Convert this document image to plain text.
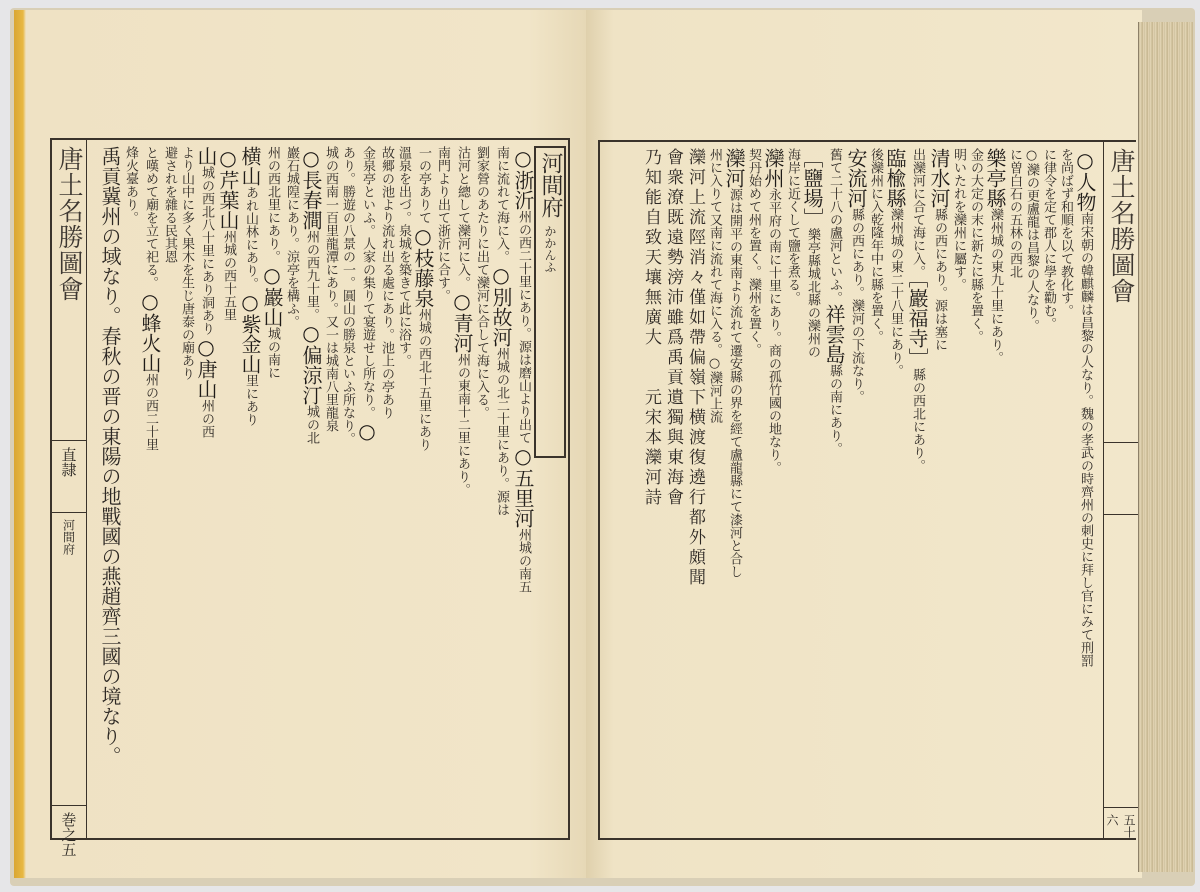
唐土名勝圖會
直隷
河間府
巻之五
河間府 かかんふ
○浙沂州の西二十里にあり。源は磨山より出て○五里河州城の南五
南に流れて海に入。○別故河州城の北二十里にあり。源は
劉家營のあたりに出て灤河に合して海に入る。
沽河と總して灤河に入。○青河州の東南十二里にあり。
南門より出て浙沂に合す。
一の亭ありて○枝藤泉州城の西北十五里にあり
溫泉を出づ。泉城を築きて此に浴す。
故郷の池より流れ出る處にあり。池上の亭あり
金泉亭といふ。人家の集りて宴遊せし所なり。○
あり。勝遊の八景の一。圓山の勝泉といふ所なり。
城の西南一百里龍潭にあり。又一は城南八里龍泉
○長春澗州の西九十里。○偏涼汀城の北
巖石城隍にあり。涼亭を構ふ。
州の西北里にあり。○巖山城の南に
横山あれ山林にあり。○紫金山里にあり
○芹葉山州城の西十五里
山城の西北八十里にあり洞あり○唐山州の西
より山中に多く果木を生じ唐泰の廟あり
避されを雜る民其恩
と嘆めて廟を立て祀る。○蜂火山州の西二十里
烽火臺あり。
禹貢冀州の域なり。春秋の晋の東陽の地戰國の燕趙齊三國の境なり。	唐土名勝圖會
五十六
○人物南宋朝の韓麒麟は昌黎の人なり。魏の孝武の時齊州の刺史に拜し官にみて刑罰
を尚ばず和順を以て教化す。
に律令を定て郡人に學を勸む。
○灤の更盧龍は昌黎の人なり。
に曽白石の五林の西北
樂亭縣灤州城の東九十里にあり。
金の大定の末に新たに縣を置く。
明いたれを灤州に屬す。
清水河縣の西にあり。源は塞に
出灤河に合て海に入。［巖福寺］縣の西北にあり。
臨楡縣灤州城の東二十八里にあり。
後灤州に入乾隆年中に縣を置く。
安流河縣の西にあり。灤河の下流なり。
舊て二十八の盧河といふ。祥雲島縣の南にあり。
［鹽場］樂亭縣城北縣の灤州の
海岸に近くして鹽を煮る。
灤州永平府の南に十里にあり。商の孤竹國の地なり。
契丹始めて州を置く。灤州を置く。
灤河源は開平の東南より流れて遷安縣の界を經て盧龍縣にて漆河と合し
州に入りて又南に流れて海に入る。○灤河上流
灤河上流陘消々僅如帶偏嶺下横渡復遶行都外頗聞
會衆潦既遠勢滂沛雖爲禹貢遺獨與東海會
乃知能自致天壤無廣大　　元宋本灤河詩
